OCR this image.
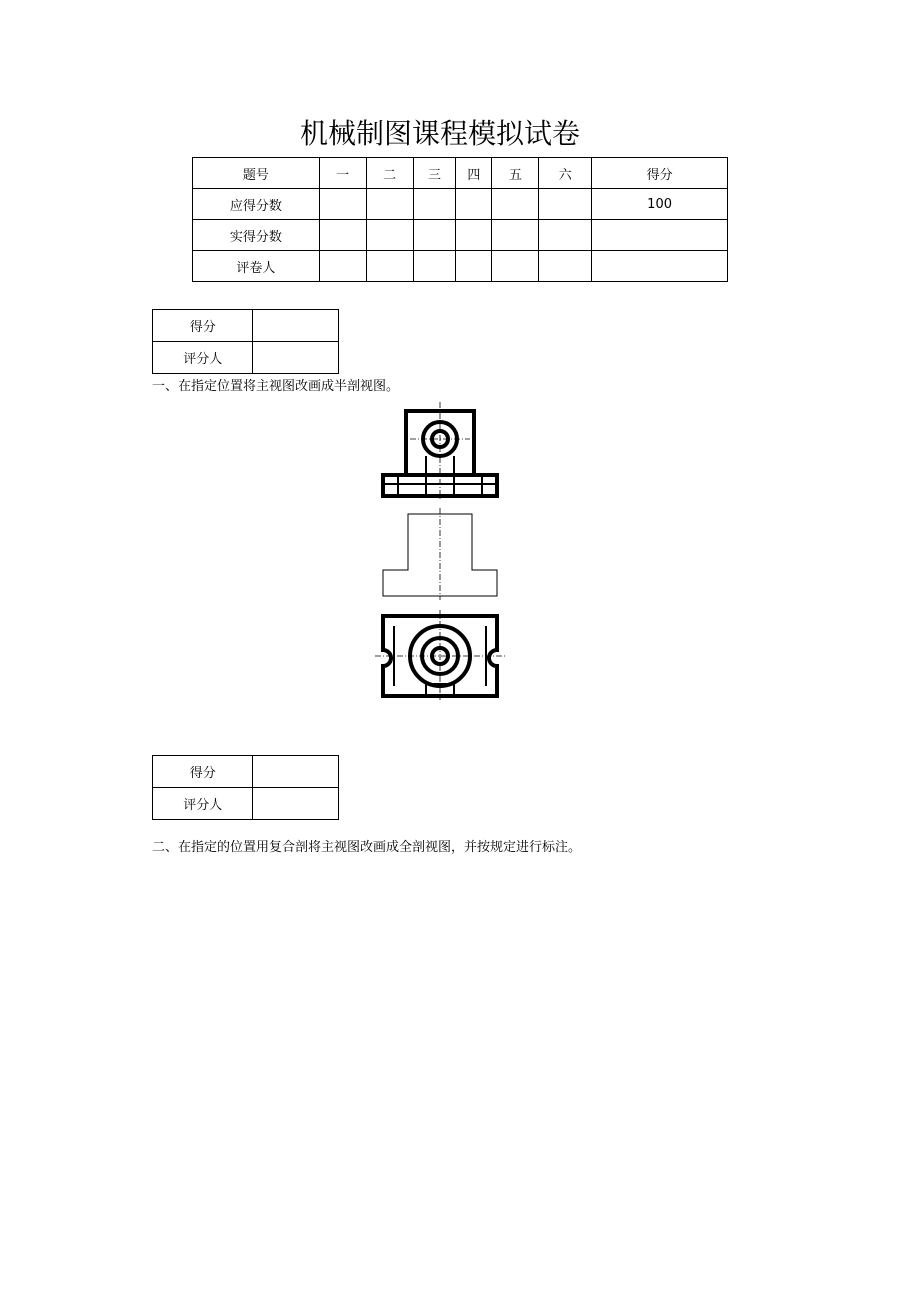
机械制图课程模拟试卷
题号	一	二	三	四	五	六	得分
应得分数							100
实得分数							
评卷人							
得分	
评分人	
一、在指定位置将主视图改画成半剖视图。
得分	
评分人	
二、在指定的位置用复合剖将主视图改画成全剖视图，并按规定进行标注。
